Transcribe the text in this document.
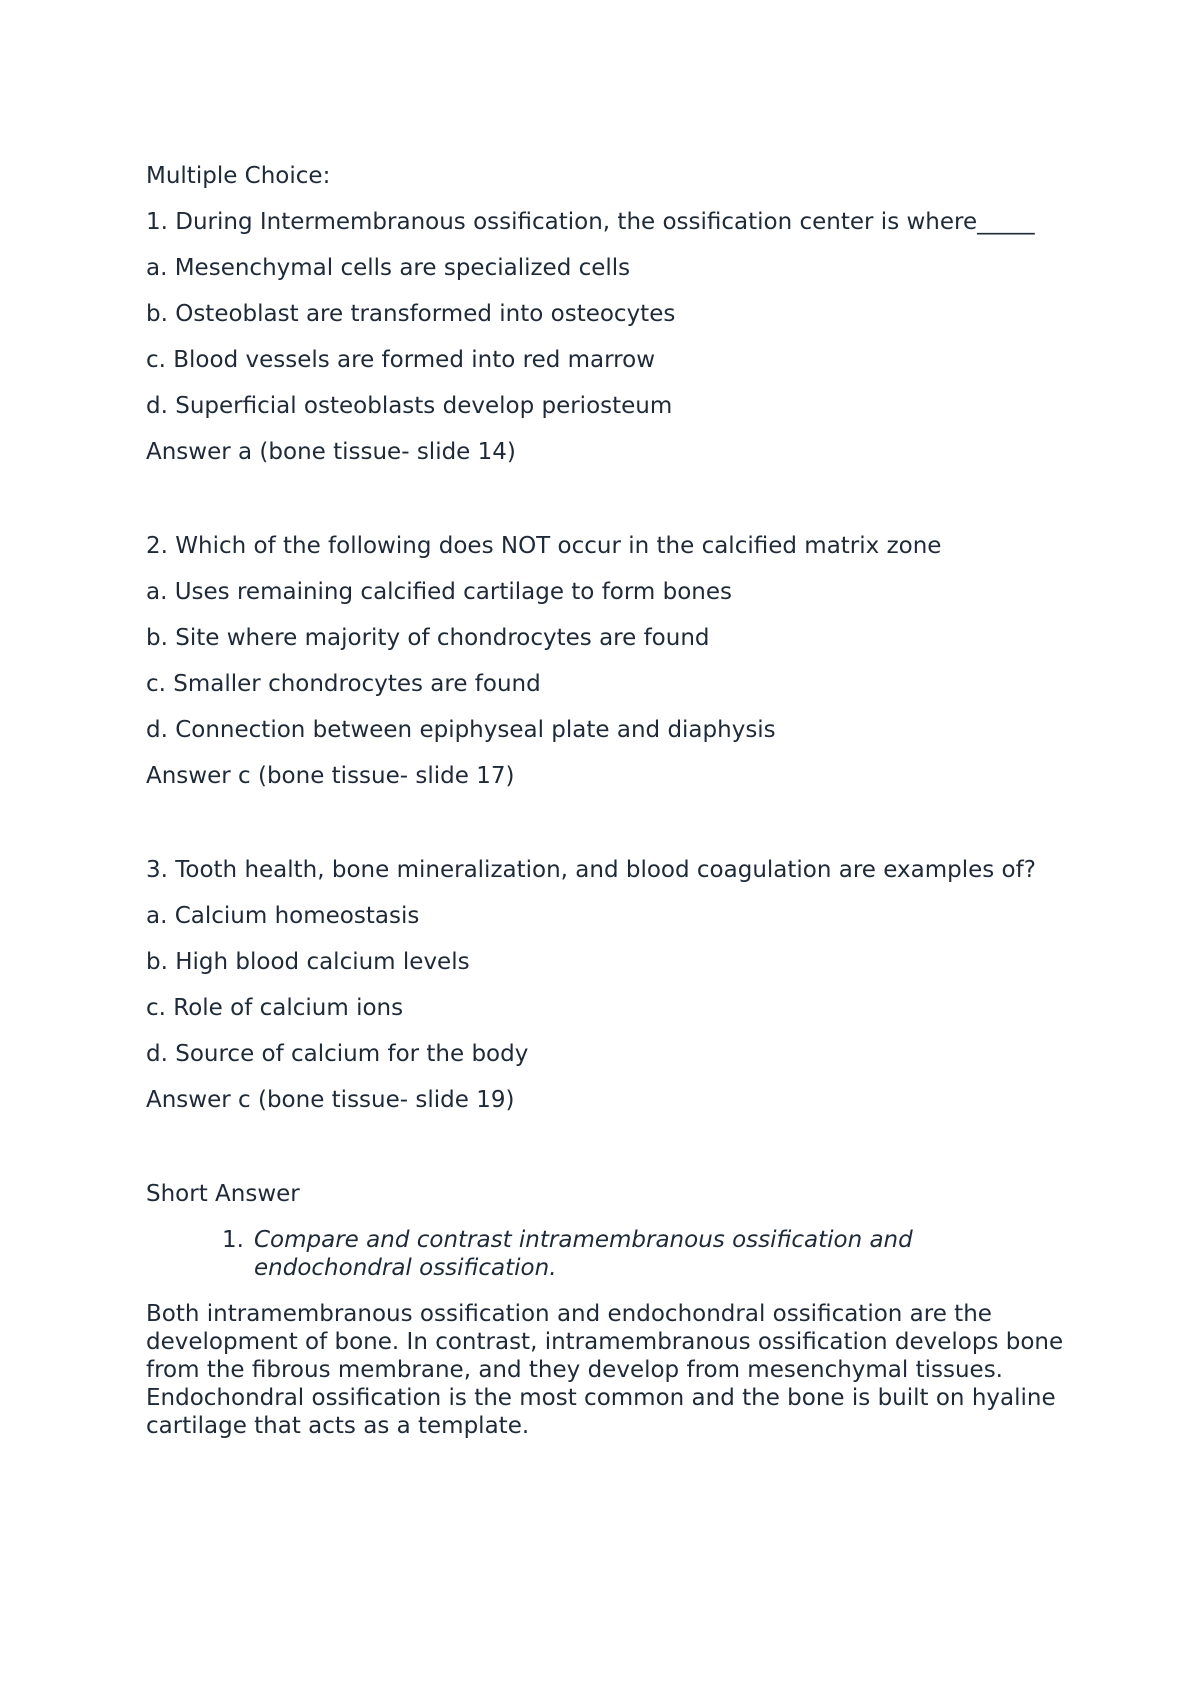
Multiple Choice:
1. During Intermembranous ossification, the ossification center is where_____
a. Mesenchymal cells are specialized cells
b. Osteoblast are transformed into osteocytes
c. Blood vessels are formed into red marrow
d. Superficial osteoblasts develop periosteum
Answer a (bone tissue- slide 14)
2. Which of the following does NOT occur in the calcified matrix zone
a. Uses remaining calcified cartilage to form bones
b. Site where majority of chondrocytes are found
c. Smaller chondrocytes are found
d. Connection between epiphyseal plate and diaphysis
Answer c (bone tissue- slide 17)
3. Tooth health, bone mineralization, and blood coagulation are examples of?
a. Calcium homeostasis
b. High blood calcium levels
c. Role of calcium ions
d. Source of calcium for the body
Answer c (bone tissue- slide 19)
Short Answer
1. Compare and contrast intramembranous ossification and endochondral ossification.
Both intramembranous ossification and endochondral ossification are the development of bone. In contrast, intramembranous ossification develops bone from the fibrous membrane, and they develop from mesenchymal tissues. Endochondral ossification is the most common and the bone is built on hyaline cartilage that acts as a template.
